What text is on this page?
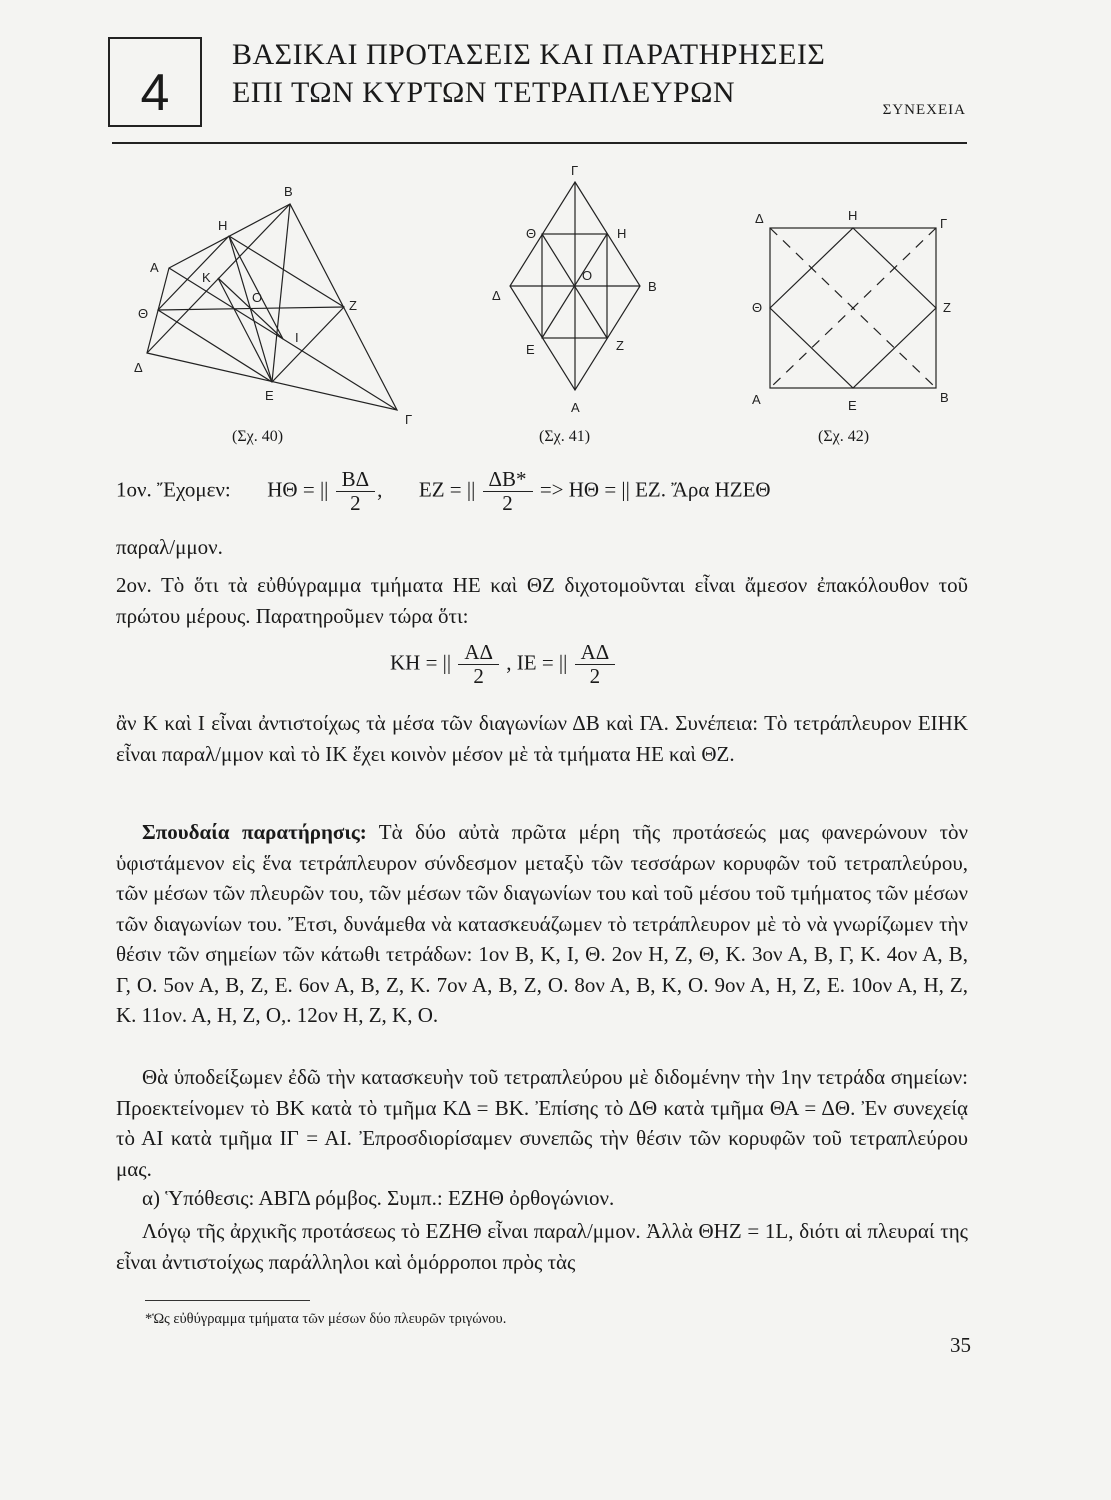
4
ΒΑΣΙΚΑΙ ΠΡΟΤΑΣΕΙΣ ΚΑΙ ΠΑΡΑΤΗΡΗΣΕΙΣ
ΕΠΙ ΤΩΝ ΚΥΡΤΩΝ ΤΕΤΡΑΠΛΕΥΡΩΝ
ΣΥΝΕΧΕΙΑ
Β
Η
Α
Κ
Ο
Θ
Ζ
Ι
Δ
Ε
Γ
(Σχ. 40)
Γ
Θ	Η
Ο
Δ
Β
Ε	Ζ
Α
(Σχ. 41)
Δ	Η
Γ
Θ	Ζ
Α	Ε
Β
(Σχ. 42)
1ον. Ἔχομεν: ΗΘ = || $\frac{B\Delta}{2}$ , ΕΖ = || $\frac{\Delta B*}{2} => H\Theta$ = || ΕΖ. Ἄρα ΗΖΕΘ
παραλ/μμον.
2ον. Τὸ ὅτι τὰ εὐθύγραμμα τμήματα ΗΕ καὶ ΘΖ διχοτομοῦνται εἶναι ἄμεσον ἐπακόλουθον τοῦ πρώτου μέρους. Παρατηροῦμεν τώρα ὅτι:
ΚΗ = || $\frac{A\Delta}{2}$ , ΙΕ = || $\frac{A\Delta}{2}$
ἂν Κ καὶ Ι εἶναι ἀντιστοίχως τὰ μέσα τῶν διαγωνίων ΔΒ καὶ ΓΑ. Συνέπεια: Τὸ τετράπλευρον ΕΙΗΚ εἶναι παραλ/μμον καὶ τὸ ΙΚ ἔχει κοινὸν μέσον μὲ τὰ τμήματα ΗΕ καὶ ΘΖ.
Σπουδαία παρατήρησις: Τὰ δύο αὐτὰ πρῶτα μέρη τῆς προτάσεώς μας φανερώνουν τὸν ὑφιστάμενον εἰς ἕνα τετράπλευρον σύνδεσμον μεταξὺ τῶν τεσσάρων κορυφῶν τοῦ τετραπλεύρου, τῶν μέσων τῶν πλευρῶν του, τῶν μέσων τῶν διαγωνίων του καὶ τοῦ μέσου τοῦ τμήματος τῶν μέσων τῶν διαγωνίων του. Ἔτσι, δυνάμεθα νὰ κατασκευάζωμεν τὸ τετράπλευρον μὲ τὸ νὰ γνωρίζωμεν τὴν θέσιν τῶν σημείων τῶν κάτωθι τετράδων: 1ον Β, Κ, Ι, Θ. 2ον Η, Ζ, Θ, Κ. 3ον Α, Β, Γ, Κ. 4ον Α, Β, Γ, Ο. 5ον Α, Β, Ζ, Ε. 6ον Α, Β, Ζ, Κ. 7ον Α, Β, Ζ, Ο. 8ον Α, Β, Κ, Ο. 9ον Α, Η, Ζ, Ε. 10ον Α, Η, Ζ, Κ. 11ον. Α, Η, Ζ, Ο,. 12ον Η, Ζ, Κ, Ο.
Θὰ ὑποδείξωμεν ἐδῶ τὴν κατασκευὴν τοῦ τετραπλεύρου μὲ διδομένην τὴν 1ην τετράδα σημείων: Προεκτείνομεν τὸ ΒΚ κατὰ τὸ τμῆμα ΚΔ = ΒΚ. Ἐπίσης τὸ ΔΘ κατὰ τμῆμα ΘΑ = ΔΘ. Ἐν συνεχείᾳ τὸ ΑΙ κατὰ τμῆμα ΙΓ = ΑΙ. Ἐπροσδιορίσαμεν συνεπῶς τὴν θέσιν τῶν κορυφῶν τοῦ τετραπλεύρου μας.
α) Ὑπόθεσις: ΑΒΓΔ ρόμβος. Συμπ.: ΕΖΗΘ ὀρθογώνιον.
Λόγῳ τῆς ἀρχικῆς προτάσεως τὸ ΕΖΗΘ εἶναι παραλ/μμον. Ἀλλὰ ΘΗΖ = 1L, διότι αἱ πλευραί της εἶναι ἀντιστοίχως παράλληλοι καὶ ὁμόρροποι πρὸς τὰς
*Ὡς εὐθύγραμμα τμήματα τῶν μέσων δύο πλευρῶν τριγώνου.
35
